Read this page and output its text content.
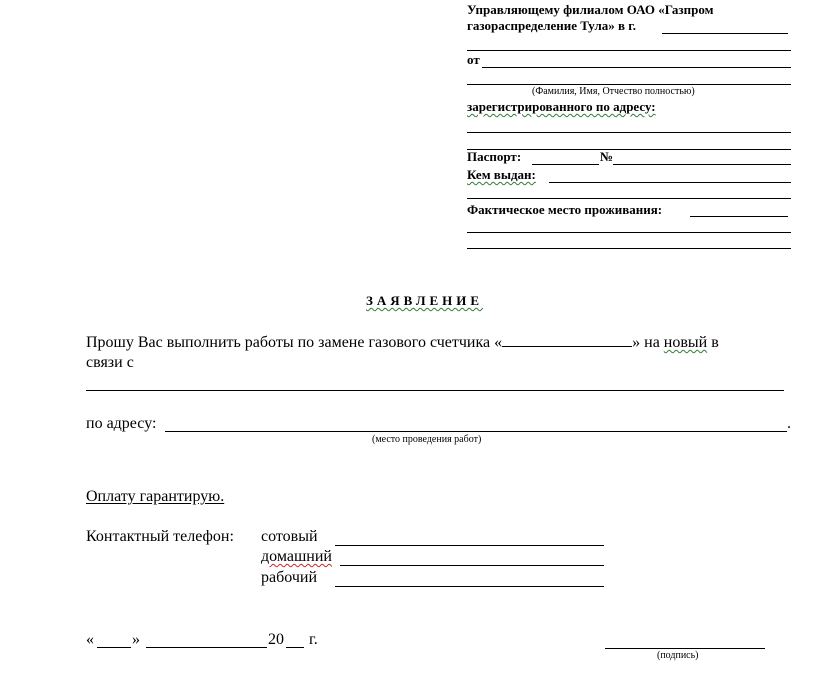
Управляющему филиалом ОАО «Газпром
газораспределение Тула» в г.
от
(Фамилия, Имя, Отчество полностью)
зарегистрированного по адресу:
Паспорт:	№
Кем выдан:
Фактическое место проживания:
ЗАЯВЛЕНИЕ
Прошу Вас выполнить работы по замене газового счетчика «	» на новый в
связи с
по адресу:	.
(место проведения работ)
Оплату гарантирую.
Контактный телефон: сотовый
домашний
рабочий
« »	20 г.
(подпись)
